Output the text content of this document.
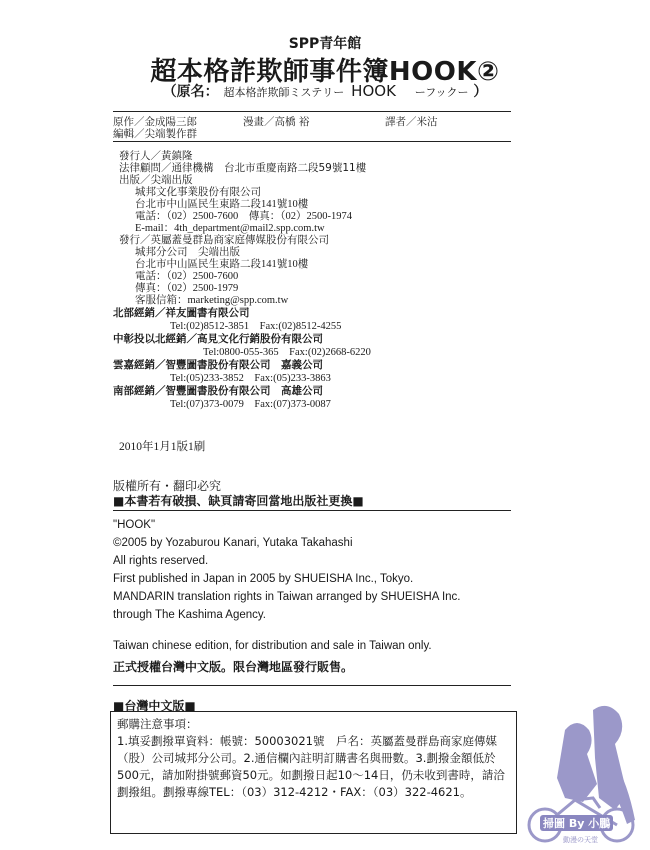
SPP青年館
超本格詐欺師事件簿HOOK②
（原名： 超本格詐欺師ミステリー HOOK ーフックー ）
原作／金成陽三郎	漫畫／高橋 裕	譯者／米沽
編輯／尖端製作群
發行人／黃鎮隆
法律顧問／通律機構　台北市重慶南路二段59號11樓
出版／尖端出版
城邦文化事業股份有限公司
台北市中山區民生東路二段141號10樓
電話：（02）2500-7600　傳真：（02）2500-1974
E-mail：4th_department@mail2.spp.com.tw
發行／英屬蓋曼群島商家庭傳媒股份有限公司
城邦分公司　尖端出版
台北市中山區民生東路二段141號10樓
電話：（02）2500-7600
傳真：（02）2500-1979
客服信箱：marketing@spp.com.tw
北部經銷／祥友圖書有限公司
Tel:(02)8512-3851　Fax:(02)8512-4255
中彰投以北經銷／高見文化行銷股份有限公司
Tel:0800-055-365　Fax:(02)2668-6220
雲嘉經銷／智豐圖書股份有限公司　嘉義公司
Tel:(05)233-3852　Fax:(05)233-3863
南部經銷／智豐圖書股份有限公司　高雄公司
Tel:(07)373-0079　Fax:(07)373-0087
2010年1月1版1刷
版權所有・翻印必究
■本書若有破損、缺頁請寄回當地出版社更換■
"HOOK"
©2005 by Yozaburou Kanari, Yutaka Takahashi
All rights reserved.
First published in Japan in 2005 by SHUEISHA Inc., Tokyo.
MANDARIN translation rights in Taiwan arranged by SHUEISHA Inc.
through The Kashima Agency.
Taiwan chinese edition, for distribution and sale in Taiwan only.
正式授權台灣中文版。限台灣地區發行販售。
■台灣中文版■
郵購注意事項：
1.填妥劃撥單資料：帳號：50003021號　戶名：英屬蓋曼群島商家庭傳媒（股）公司城邦分公司。2.通信欄內註明訂購書名與冊數。3.劃撥金額低於500元，請加附掛號郵資50元。如劃撥日起10～14日，仍未收到書時，請洽劃撥組。劃撥專線TEL：（03）312-4212・FAX：（03）322-4621。
掃圖 By 小鵬
動漫の天堂
